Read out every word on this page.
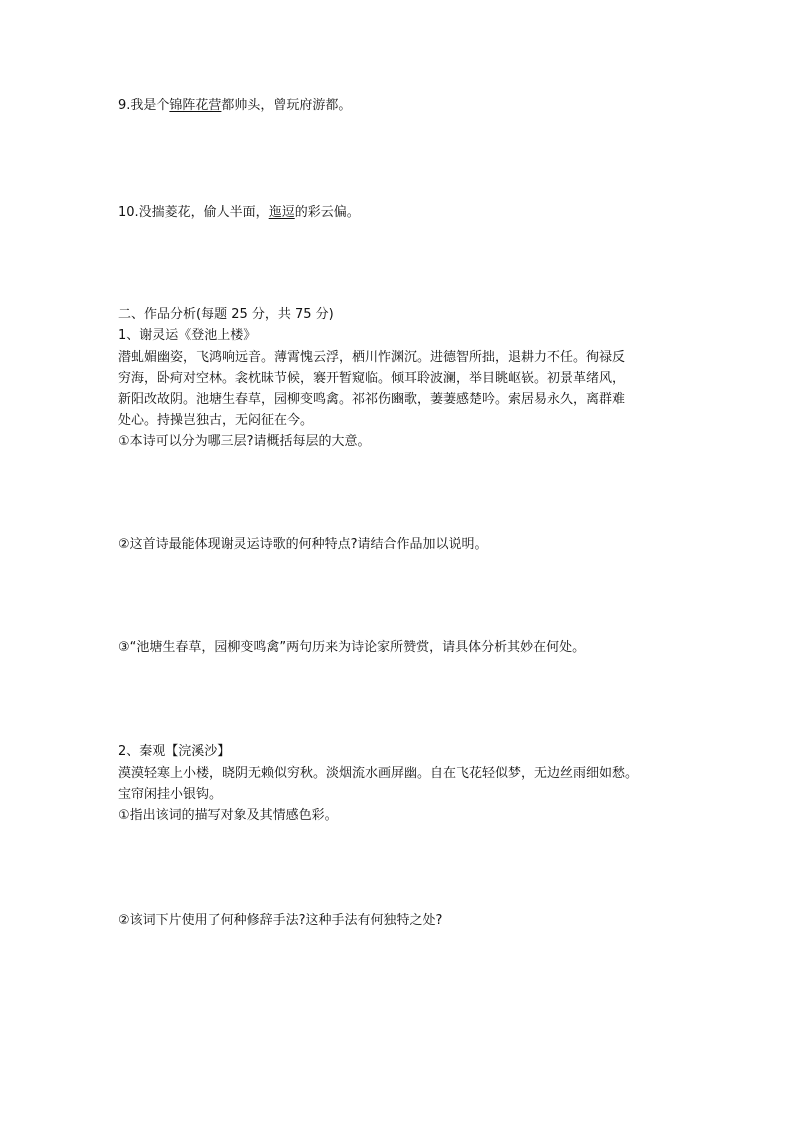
9.我是个锦阵花营都帅头，曾玩府游都。

10.没揣菱花，偷人半面，迤逗的彩云偏。

二、作品分析(每题 25 分，共 75 分)

1、谢灵运《登池上楼》

潜虬媚幽姿，飞鸿响远音。薄霄愧云浮，栖川怍渊沉。进德智所拙，退耕力不任。徇禄反

穷海，卧疴对空林。衾枕昧节候，褰开暂窥临。倾耳聆波澜，举目眺岖嵚。初景革绪风，

新阳改故阴。池塘生春草，园柳变鸣禽。祁祁伤豳歌，萋萋感楚吟。索居易永久，离群难

处心。持操岂独古，无闷征在今。

①本诗可以分为哪三层?请概括每层的大意。

②这首诗最能体现谢灵运诗歌的何种特点?请结合作品加以说明。

③“池塘生春草，园柳变鸣禽”两句历来为诗论家所赞赏，请具体分析其妙在何处。

2、秦观【浣溪沙】

漠漠轻寒上小楼，晓阴无赖似穷秋。淡烟流水画屏幽。自在飞花轻似梦，无边丝雨细如愁。

宝帘闲挂小银钩。

①指出该词的描写对象及其情感色彩。

②该词下片使用了何种修辞手法?这种手法有何独特之处?
